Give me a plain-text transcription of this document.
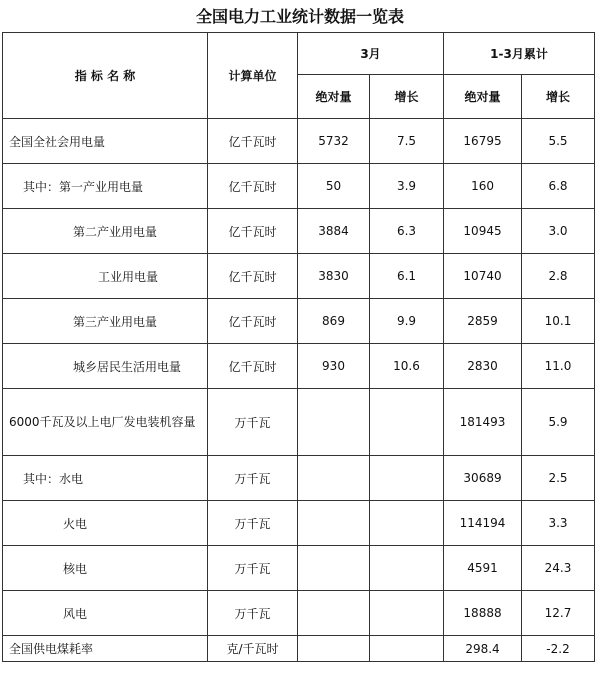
全国电力工业统计数据一览表
指 标 名 称	计算单位	3月		1-3月累计	
		绝对量	增长	绝对量	增长
全国全社会用电量	亿千瓦时	5732	7.5	16795	5.5
其中：第一产业用电量	亿千瓦时	50	3.9	160	6.8
第二产业用电量	亿千瓦时	3884	6.3	10945	3.0
工业用电量	亿千瓦时	3830	6.1	10740	2.8
第三产业用电量	亿千瓦时	869	9.9	2859	10.1
城乡居民生活用电量	亿千瓦时	930	10.6	2830	11.0
6000千瓦及以上电厂发电装机容量	万千瓦			181493	5.9
其中：水电	万千瓦			30689	2.5
火电	万千瓦			114194	3.3
核电	万千瓦			4591	24.3
风电	万千瓦			18888	12.7
全国供电煤耗率	克/千瓦时			298.4	-2.2
